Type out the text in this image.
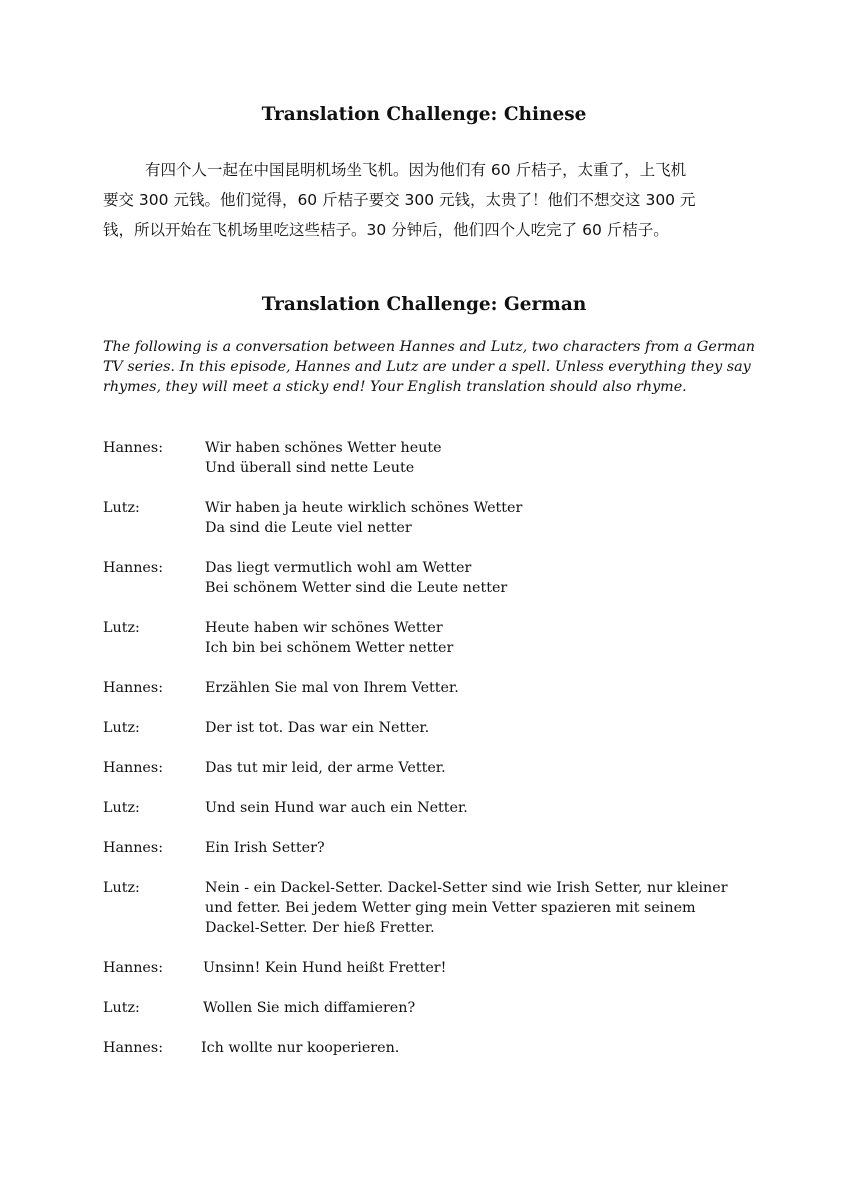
Translation Challenge: Chinese
有四个人一起在中国昆明机场坐飞机。因为他们有 60 斤桔子，太重了，上飞机
要交 300 元钱。他们觉得，60 斤桔子要交 300 元钱，太贵了！他们不想交这 300 元
钱，所以开始在飞机场里吃这些桔子。30 分钟后，他们四个人吃完了 60 斤桔子。
Translation Challenge: German
The following is a conversation between Hannes and Lutz, two characters from a German
TV series. In this episode, Hannes and Lutz are under a spell. Unless everything they say
rhymes, they will meet a sticky end! Your English translation should also rhyme.
Hannes:	Wir haben schönes Wetter heute
Und überall sind nette Leute
Lutz:	Wir haben ja heute wirklich schönes Wetter
Da sind die Leute viel netter
Hannes:	Das liegt vermutlich wohl am Wetter
Bei schönem Wetter sind die Leute netter
Lutz:	Heute haben wir schönes Wetter
Ich bin bei schönem Wetter netter
Hannes:	Erzählen Sie mal von Ihrem Vetter.
Lutz:	Der ist tot. Das war ein Netter.
Hannes:	Das tut mir leid, der arme Vetter.
Lutz:	Und sein Hund war auch ein Netter.
Hannes:	Ein Irish Setter?
Lutz:	Nein - ein Dackel-Setter. Dackel-Setter sind wie Irish Setter, nur kleiner
und fetter. Bei jedem Wetter ging mein Vetter spazieren mit seinem
Dackel-Setter. Der hieß Fretter.
Hannes:	Unsinn! Kein Hund heißt Fretter!
Lutz:	Wollen Sie mich diffamieren?
Hannes:	Ich wollte nur kooperieren.
